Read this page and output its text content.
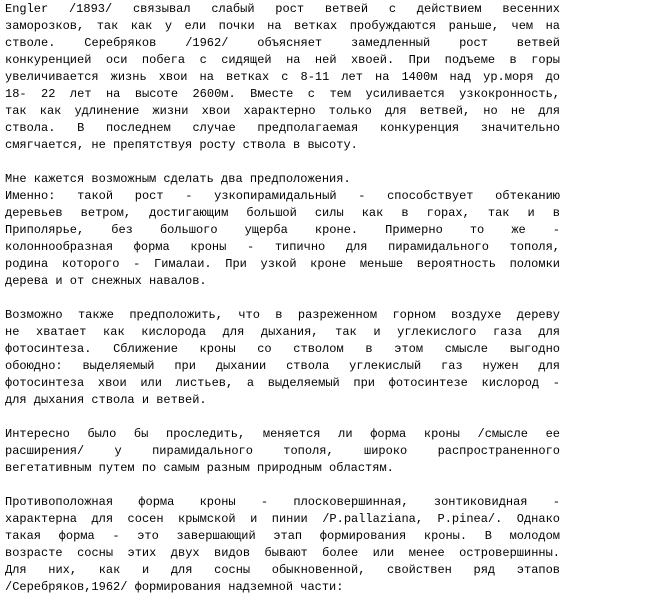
Engler /1893/ связывал слабый рост ветвей с действием весенних
заморозков, так как у ели почки на ветках пробуждаются раньше, чем на
стволе. Серебряков /1962/ объясняет замедленный рост ветвей
конкуренцией оси побега с сидящей на ней хвоей. При подъеме в горы
увеличивается жизнь хвои на ветках с 8-11 лет на 1400м над ур.моря до
18- 22 лет на высоте 2600м. Вместе с тем усиливается узкокронность,
так как удлинение жизни хвои характерно только для ветвей, но не для
ствола. В последнем случае предполагаемая конкуренция значительно
смягчается, не препятствуя росту ствола в высоту.
Мне кажется возможным сделать два предположения.
Именно: такой рост - узкопирамидальный - способствует обтеканию
деревьев ветром, достигающим большой силы как в горах, так и в
Приполярье, без большого ущерба кроне. Примерно то же -
колоннообразная форма кроны - типично для пирамидального тополя,
родина которого - Гималаи. При узкой кроне меньше вероятность поломки
дерева и от снежных навалов.
Возможно также предположить, что в разреженном горном воздухе дереву
не хватает как кислорода для дыхания, так и углекислого газа для
фотосинтеза. Сближение кроны со стволом в этом смысле выгодно
обоюдно: выделяемый при дыхании ствола углекислый газ нужен для
фотосинтеза хвои или листьев, а выделяемый при фотосинтезе кислород -
для дыхания ствола и ветвей.
Интересно было бы проследить, меняется ли форма кроны /смысле ее
расширения/ у пирамидального тополя, широко распространенного
вегетативным путем по самым разным природным областям.
Противоположная форма кроны - плосковершинная, зонтиковидная -
характерна для сосен крымской и пинии /P.pallaziana, P.pinea/. Однако
такая форма - это завершающий этап формирования кроны. В молодом
возрасте сосны этих двух видов бывают более или менее островершинны.
Для них, как и для сосны обыкновенной, свойствен ряд этапов
/Серебряков,1962/ формирования надземной части:
